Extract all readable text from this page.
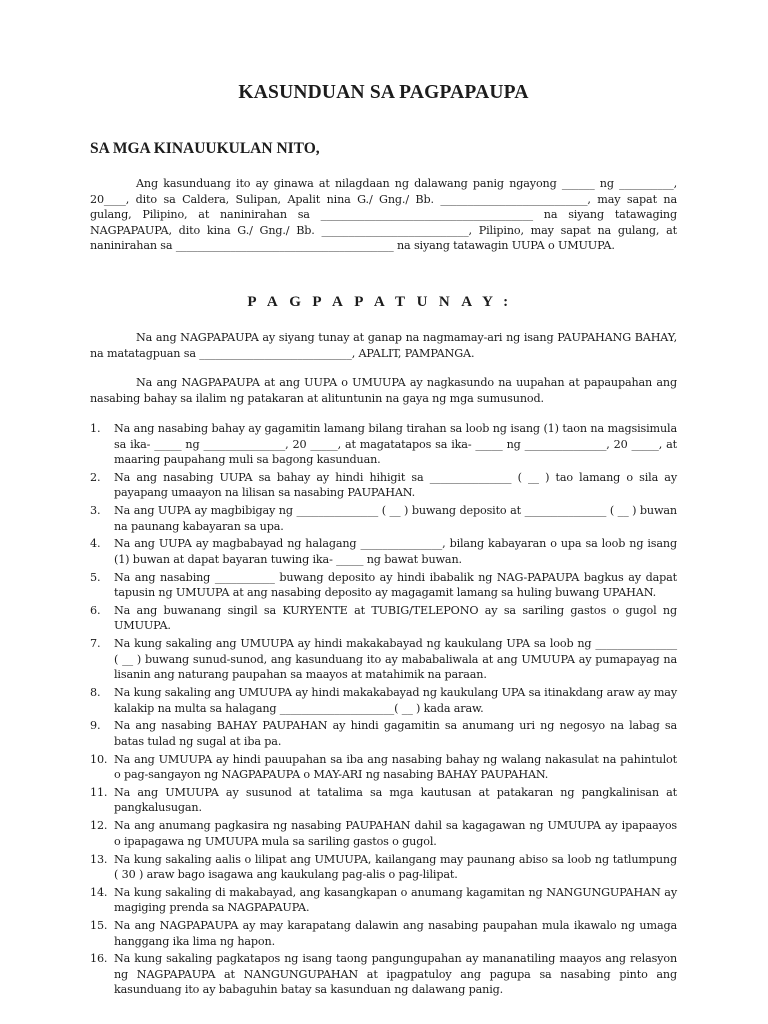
KASUNDUAN SA PAGPAPAUPA
SA MGA KINAUUKULAN NITO,

Ang kasunduang ito ay ginawa at nilagdaan ng dalawang panig ngayong ______ ng __________, 20____, dito sa Caldera, Sulipan, Apalit nina G./ Gng./ Bb. ___________________________, may sapat na gulang, Pilipino, at naninirahan sa _______________________________________ na siyang tatawaging NAGPAPAUPA, dito kina G./ Gng./ Bb. ___________________________, Pilipino, may sapat na gulang, at naninirahan sa ________________________________________ na siyang tatawagin UUPA o UMUUPA.

PAGPAPATUNAY:

Na ang NAGPAPAUPA ay siyang tunay at ganap na nagmamay-ari ng isang PAUPAHANG BAHAY, na matatagpuan sa ____________________________, APALIT, PAMPANGA.

Na ang NAGPAPAUPA at ang UUPA o UMUUPA ay nagkasundo na uupahan at papaupahan ang nasabing bahay sa ilalim ng patakaran at alituntunin na gaya ng mga sumusunod.

1.	Na ang nasabing bahay ay gagamitin lamang bilang tirahan sa loob ng isang (1) taon na magsisimula sa ika- _____ ng _______________, 20 _____, at magatatapos sa ika- _____ ng _______________, 20 _____, at maaring paupahang muli sa bagong kasunduan.
2.	Na ang nasabing UUPA sa bahay ay hindi hihigit sa _______________ ( __ ) tao lamang o sila ay payapang umaayon na lilisan sa nasabing PAUPAHAN.
3.	Na ang UUPA ay magbibigay ng _______________ ( __ ) buwang deposito at _______________ ( __ ) buwan na paunang kabayaran sa upa.
4.	Na ang UUPA ay magbabayad ng halagang _______________, bilang kabayaran o upa sa loob ng isang (1) buwan at dapat bayaran tuwing ika- _____ ng bawat buwan.
5.	Na ang nasabing ___________ buwang deposito ay hindi ibabalik ng NAG-PAPAUPA bagkus ay dapat tapusin ng UMUUPA at ang nasabing deposito ay magagamit lamang sa huling buwang UPAHAN.
6.	Na ang buwanang singil sa KURYENTE at TUBIG/TELEPONO ay sa sariling gastos o gugol ng UMUUPA.
7.	Na kung sakaling ang UMUUPA ay hindi makakabayad ng kaukulang UPA sa loob ng _______________ ( __ ) buwang sunud-sunod, ang kasunduang ito ay mababaliwala at ang UMUUPA ay pumapayag na lisanin ang naturang paupahan sa maayos at matahimik na paraan.
8.	Na kung sakaling ang UMUUPA ay hindi makakabayad ng kaukulang UPA sa itinakdang araw ay may kalakip na multa sa halagang _____________________( __ ) kada araw.
9.	Na ang nasabing BAHAY PAUPAHAN ay hindi gagamitin sa anumang uri ng negosyo na labag sa batas tulad ng sugal at iba pa.
10. Na ang UMUUPA ay hindi pauupahan sa iba ang nasabing bahay ng walang nakasulat na pahintulot o pag-sangayon ng NAGPAPAUPA o MAY-ARI ng nasabing BAHAY PAUPAHAN.
11. Na ang UMUUPA ay susunod at tatalima sa mga kautusan at patakaran ng pangkalinisan at pangkalusugan.
12. Na ang anumang pagkasira ng nasabing PAUPAHAN dahil sa kagagawan ng UMUUPA ay ipapaayos o ipapagawa ng UMUUPA mula sa sariling gastos o gugol.
13. Na kung sakaling aalis o lilipat ang UMUUPA, kailangang may paunang abiso sa loob ng tatlumpung ( 30 ) araw bago isagawa ang kaukulang pag-alis o pag-lilipat.
14. Na kung sakaling di makabayad, ang kasangkapan o anumang kagamitan ng NANGUNGUPAHAN ay magiging prenda sa NAGPAPAUPA.
15. Na ang NAGPAPAUPA ay may karapatang dalawin ang nasabing paupahan mula ikawalo ng umaga hanggang ika lima ng hapon.
16. Na kung sakaling pagkatapos ng isang taong pangungupahan ay mananatiling maayos ang relasyon ng NAGPAPAUPA at NANGUNGUPAHAN at ipagpatuloy ang pagupa sa nasabing pinto ang kasunduang ito ay babaguhin batay sa kasunduan ng dalawang panig.
